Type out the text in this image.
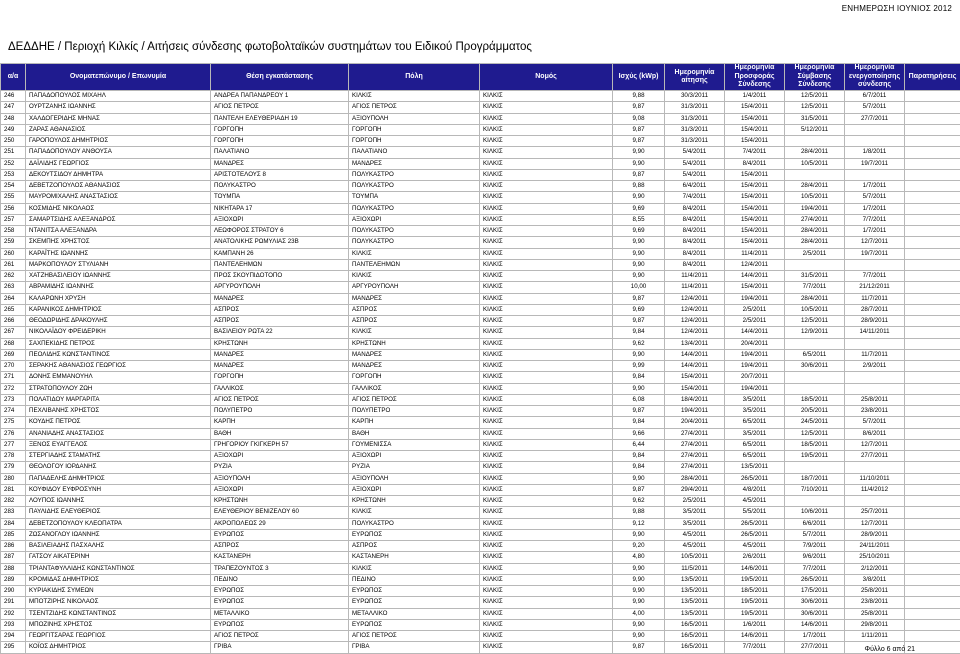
ΕΝΗΜΕΡΩΣΗ ΙΟΥΝΙΟΣ 2012
ΔΕΔΔΗΕ / Περιοχή Κιλκίς / Αιτήσεις σύνδεσης φωτοβολταϊκών συστημάτων του Ειδικού Προγράμματος
α/α	Ονοματεπώνυμο / Επωνυμία	Θέση εγκατάστασης	Πόλη	Νομός	Ισχύς (kWp)	Ημερομηνία αίτησης	Ημερομηνία Προσφοράς Σύνδεσης	Ημερομηνία Σύμβασης Σύνδεσης	Ημερομηνία ενεργοποίησης σύνδεσης	Παρατηρήσεις
246	ΠΑΠΑΔΟΠΟΥΛΟΣ ΜΙΧΑΗΛ	ΑΝΔΡΕΑ ΠΑΠΑΝΔΡΕΟΥ 1	ΚΙΛΚΙΣ	ΚΙΛΚΙΣ	9,88	30/3/2011	1/4/2011	12/5/2011	6/7/2011	
247	ΟΥΡΤΖΑΝΗΣ ΙΩΑΝΝΗΣ	ΑΓΙΟΣ ΠΕΤΡΟΣ	ΑΓΙΟΣ ΠΕΤΡΟΣ	ΚΙΛΚΙΣ	9,87	31/3/2011	15/4/2011	12/5/2011	5/7/2011	
248	ΧΑΛΔΟΓΕΡΙΔΗΣ ΜΗΝΑΣ	ΠΑΝΤΕΛΗ ΕΛΕΥΘΕΡΙΑΔΗ 19	ΑΞΙΟΥΠΟΛΗ	ΚΙΛΚΙΣ	9,08	31/3/2011	15/4/2011	31/5/2011	27/7/2011	
249	ΖΑΡΑΣ ΑΘΑΝΑΣΙΟΣ	ΓΟΡΓΟΠΗ	ΓΟΡΓΟΠΗ	ΚΙΛΚΙΣ	9,87	31/3/2011	15/4/2011	5/12/2011		
250	ΓΑΡΟΠΟΥΛΟΣ ΔΗΜΗΤΡΙΟΣ	ΓΟΡΓΟΠΗ	ΓΟΡΓΟΠΗ	ΚΙΛΚΙΣ	9,87	31/3/2011	15/4/2011			
251	ΠΑΠΑΔΟΠΟΥΛΟΥ ΑΝΘΟΥΣΑ	ΠΑΛΑΤΙΑΝΟ	ΠΑΛΑΤΙΑΝΟ	ΚΙΛΚΙΣ	9,90	5/4/2011	7/4/2011	28/4/2011	1/8/2011	
252	ΔΑΪΛΙΔΗΣ ΓΕΩΡΓΙΟΣ	ΜΑΝΔΡΕΣ	ΜΑΝΔΡΕΣ	ΚΙΛΚΙΣ	9,90	5/4/2011	8/4/2011	10/5/2011	19/7/2011	
253	ΔΕΚΟΥΤΣΙΔΟΥ ΔΗΜΗΤΡΑ	ΑΡΙΣΤΟΤΕΛΟΥΣ 8	ΠΟΛΥΚΑΣΤΡΟ	ΚΙΛΚΙΣ	9,87	5/4/2011	15/4/2011			
254	ΔΕΒΕΤΖΟΠΟΥΛΟΣ ΑΘΑΝΑΣΙΟΣ	ΠΟΛΥΚΑΣΤΡΟ	ΠΟΛΥΚΑΣΤΡΟ	ΚΙΛΚΙΣ	9,88	6/4/2011	15/4/2011	28/4/2011	1/7/2011	
255	ΜΑΥΡΟΜΙΧΑΛΗΣ ΑΝΑΣΤΑΣΙΟΣ	ΤΟΥΜΠΑ	ΤΟΥΜΠΑ	ΚΙΛΚΙΣ	9,90	7/4/2011	15/4/2011	10/5/2011	5/7/2011	
256	ΚΟΣΜΙΔΗΣ ΝΙΚΟΛΑΟΣ	ΝΙΚΗΤΑΡΑ 17	ΠΟΛΥΚΑΣΤΡΟ	ΚΙΛΚΙΣ	9,69	8/4/2011	15/4/2011	19/4/2011	1/7/2011	
257	ΣΑΜΑΡΤΣΙΔΗΣ ΑΛΕΞΑΝΔΡΟΣ	ΑΞΙΟΧΩΡΙ	ΑΞΙΟΧΩΡΙ	ΚΙΛΚΙΣ	8,55	8/4/2011	15/4/2011	27/4/2011	7/7/2011	
258	ΝΤΑΝΙΤΣΑ ΑΛΕΞΑΝΔΡΑ	ΛΕΩΦΟΡΟΣ ΣΤΡΑΤΟΥ 6	ΠΟΛΥΚΑΣΤΡΟ	ΚΙΛΚΙΣ	9,69	8/4/2011	15/4/2011	28/4/2011	1/7/2011	
259	ΣΚΕΜΠΗΣ ΧΡΗΣΤΟΣ	ΑΝΑΤΟΛΙΚΗΣ ΡΩΜΥΛΙΑΣ 23Β	ΠΟΛΥΚΑΣΤΡΟ	ΚΙΛΚΙΣ	9,90	8/4/2011	15/4/2011	28/4/2011	12/7/2011	
260	ΚΑΡΑΪΤΗΣ ΙΩΑΝΝΗΣ	ΚΑΜΠΑΝΗ 26	ΚΙΛΚΙΣ	ΚΙΛΚΙΣ	9,90	8/4/2011	11/4/2011	2/5/2011	19/7/2011	
261	ΜΑΡΚΟΠΟΥΛΟΥ ΣΤΥΛΙΑΝΗ	ΠΑΝΤΕΛΕΗΜΩΝ	ΠΑΝΤΕΛΕΗΜΩΝ	ΚΙΛΚΙΣ	9,90	8/4/2011	12/4/2011			
262	ΧΑΤΖΗΒΑΣΙΛΕΙΟΥ ΙΩΑΝΝΗΣ	ΠΡΟΣ ΣΚΟΥΠΙΔΟΤΟΠΟ	ΚΙΛΚΙΣ	ΚΙΛΚΙΣ	9,90	11/4/2011	14/4/2011	31/5/2011	7/7/2011	
263	ΑΒΡΑΜΙΔΗΣ ΙΩΑΝΝΗΣ	ΑΡΓΥΡΟΥΠΟΛΗ	ΑΡΓΥΡΟΥΠΟΛΗ	ΚΙΛΚΙΣ	10,00	11/4/2011	15/4/2011	7/7/2011	21/12/2011	
264	ΚΑΛΑΡΩΝΗ ΧΡΥΣΗ	ΜΑΝΔΡΕΣ	ΜΑΝΔΡΕΣ	ΚΙΛΚΙΣ	9,87	12/4/2011	19/4/2011	28/4/2011	11/7/2011	
265	ΚΑΡΑΝΙΚΟΣ ΔΗΜΗΤΡΙΟΣ	ΑΣΠΡΟΣ	ΑΣΠΡΟΣ	ΚΙΛΚΙΣ	9,69	12/4/2011	2/5/2011	10/5/2011	28/7/2011	
266	ΘΕΟΔΩΡΙΔΗΣ ΔΡΑΚΟΥΛΗΣ	ΑΣΠΡΟΣ	ΑΣΠΡΟΣ	ΚΙΛΚΙΣ	9,87	12/4/2011	2/5/2011	12/5/2011	28/9/2011	
267	ΝΙΚΟΛΑΪΔΟΥ ΦΡΕΙΔΕΡΙΚΗ	ΒΑΣΙΛΕΙΟΥ ΡΩΤΑ 22	ΚΙΛΚΙΣ	ΚΙΛΚΙΣ	9,84	12/4/2011	14/4/2011	12/9/2011	14/11/2011	
268	ΣΑΧΠΕΚΙΔΗΣ ΠΕΤΡΟΣ	ΚΡΗΣΤΩΝΗ	ΚΡΗΣΤΩΝΗ	ΚΙΛΚΙΣ	9,62	13/4/2011	20/4/2011			
269	ΠΕΟΛΙΔΗΣ ΚΩΝΣΤΑΝΤΙΝΟΣ	ΜΑΝΔΡΕΣ	ΜΑΝΔΡΕΣ	ΚΙΛΚΙΣ	9,90	14/4/2011	19/4/2011	6/5/2011	11/7/2011	
270	ΣΕΡΑΚΗΣ ΑΘΑΝΑΣΙΟΣ ΓΕΩΡΓΙΟΣ	ΜΑΝΔΡΕΣ	ΜΑΝΔΡΕΣ	ΚΙΛΚΙΣ	9,99	14/4/2011	19/4/2011	30/6/2011	2/9/2011	
271	ΔΟΝΗΣ ΕΜΜΑΝΟΥΗΛ	ΓΟΡΓΟΠΗ	ΓΟΡΓΟΠΗ	ΚΙΛΚΙΣ	9,84	15/4/2011	20/7/2011			
272	ΣΤΡΑΤΟΠΟΥΛΟΥ ΖΩΗ	ΓΑΛΛΙΚΟΣ	ΓΑΛΛΙΚΟΣ	ΚΙΛΚΙΣ	9,90	15/4/2011	19/4/2011			
273	ΠΟΛΑΤΙΔΟΥ ΜΑΡΓΑΡΙΤΑ	ΑΓΙΟΣ ΠΕΤΡΟΣ	ΑΓΙΟΣ ΠΕΤΡΟΣ	ΚΙΛΚΙΣ	6,08	18/4/2011	3/5/2011	18/5/2011	25/8/2011	
274	ΠΕΧΛΙΒΑΝΗΣ ΧΡΗΣΤΟΣ	ΠΟΛΥΠΕΤΡΟ	ΠΟΛΥΠΕΤΡΟ	ΚΙΛΚΙΣ	9,87	19/4/2011	3/5/2011	20/5/2011	23/8/2011	
275	ΚΟΥΔΗΣ ΠΕΤΡΟΣ	ΚΑΡΠΗ	ΚΑΡΠΗ	ΚΙΛΚΙΣ	9,84	20/4/2011	6/5/2011	24/5/2011	5/7/2011	
276	ΑΝΑΝΙΑΔΗΣ ΑΝΑΣΤΑΣΙΟΣ	ΒΑΘΗ	ΒΑΘΗ	ΚΙΛΚΙΣ	9,66	27/4/2011	3/5/2011	12/5/2011	8/6/2011	
277	ΞΕΝΟΣ ΕΥΑΓΓΕΛΟΣ	ΓΡΗΓΟΡΙΟΥ ΓΚΙΓΚΕΡΗ 57	ΓΟΥΜΕΝΙΣΣΑ	ΚΙΛΚΙΣ	6,44	27/4/2011	6/5/2011	18/5/2011	12/7/2011	
278	ΣΤΕΡΓΙΑΔΗΣ ΣΤΑΜΑΤΗΣ	ΑΞΙΟΧΩΡΙ	ΑΞΙΟΧΩΡΙ	ΚΙΛΚΙΣ	9,84	27/4/2011	6/5/2011	19/5/2011	27/7/2011	
279	ΘΕΟΛΟΓΟΥ ΙΟΡΔΑΝΗΣ	ΡΥΖΙΑ	ΡΥΖΙΑ	ΚΙΛΚΙΣ	9,84	27/4/2011	13/5/2011			
280	ΠΑΠΑΔΕΛΗΣ ΔΗΜΗΤΡΙΟΣ	ΑΞΙΟΥΠΟΛΗ	ΑΞΙΟΥΠΟΛΗ	ΚΙΛΚΙΣ	9,90	28/4/2011	26/5/2011	18/7/2011	11/10/2011	
281	ΚΟΥΦΙΔΟΥ ΕΥΦΡΟΣΥΝΗ	ΑΞΙΟΧΩΡΙ	ΑΞΙΟΧΩΡΙ	ΚΙΛΚΙΣ	9,87	29/4/2011	4/8/2011	7/10/2011	11/4/2012	
282	ΛΟΥΠΟΣ ΙΩΑΝΝΗΣ	ΚΡΗΣΤΩΝΗ	ΚΡΗΣΤΩΝΗ	ΚΙΛΚΙΣ	9,62	2/5/2011	4/5/2011			
283	ΠΑΥΛΙΔΗΣ ΕΛΕΥΘΕΡΙΟΣ	ΕΛΕΥΘΕΡΙΟΥ ΒΕΝΙΖΕΛΟΥ 60	ΚΙΛΚΙΣ	ΚΙΛΚΙΣ	9,88	3/5/2011	5/5/2011	10/6/2011	25/7/2011	
284	ΔΕΒΕΤΖΟΠΟΥΛΟΥ ΚΛΕΟΠΑΤΡΑ	ΑΚΡΟΠΟΛΕΩΣ 29	ΠΟΛΥΚΑΣΤΡΟ	ΚΙΛΚΙΣ	9,12	3/5/2011	26/5/2011	6/6/2011	12/7/2011	
285	ΖΩΣΑΝΟΓΛΟΥ ΙΩΑΝΝΗΣ	ΕΥΡΩΠΟΣ	ΕΥΡΩΠΟΣ	ΚΙΛΚΙΣ	9,90	4/5/2011	26/5/2011	5/7/2011	28/9/2011	
286	ΒΑΣΙΛΕΙΑΔΗΣ ΠΑΣΧΑΛΗΣ	ΑΣΠΡΟΣ	ΑΣΠΡΟΣ	ΚΙΛΚΙΣ	9,20	4/5/2011	4/5/2011	7/9/2011	24/11/2011	
287	ΓΑΤΣΟΥ ΑΙΚΑΤΕΡΙΝΗ	ΚΑΣΤΑΝΕΡΗ	ΚΑΣΤΑΝΕΡΗ	ΚΙΛΚΙΣ	4,80	10/5/2011	2/6/2011	9/6/2011	25/10/2011	
288	ΤΡΙΑΝΤΑΦΥΛΛΙΔΗΣ ΚΩΝΣΤΑΝΤΙΝΟΣ	ΤΡΑΠΕΖΟΥΝΤΟΣ 3	ΚΙΛΚΙΣ	ΚΙΛΚΙΣ	9,90	11/5/2011	14/6/2011	7/7/2011	2/12/2011	
289	ΚΡΟΜΙΔΑΣ ΔΗΜΗΤΡΙΟΣ	ΠΕΔΙΝΟ	ΠΕΔΙΝΟ	ΚΙΛΚΙΣ	9,90	13/5/2011	19/5/2011	26/5/2011	3/8/2011	
290	ΚΥΡΙΑΚΙΔΗΣ ΣΥΜΕΩΝ	ΕΥΡΩΠΟΣ	ΕΥΡΩΠΟΣ	ΚΙΛΚΙΣ	9,90	13/5/2011	18/5/2011	17/5/2011	25/8/2011	
291	ΜΠΟΤΖΙΡΗΣ ΝΙΚΟΛΑΟΣ	ΕΥΡΩΠΟΣ	ΕΥΡΩΠΟΣ	ΚΙΛΚΙΣ	9,90	13/5/2011	19/5/2011	30/6/2011	23/8/2011	
292	ΤΣΕΝΤΖΙΔΗΣ ΚΩΝΣΤΑΝΤΙΝΟΣ	ΜΕΤΑΛΛΙΚΟ	ΜΕΤΑΛΛΙΚΟ	ΚΙΛΚΙΣ	4,00	13/5/2011	19/5/2011	30/6/2011	25/8/2011	
293	ΜΠΟΖΙΝΗΣ ΧΡΗΣΤΟΣ	ΕΥΡΩΠΟΣ	ΕΥΡΩΠΟΣ	ΚΙΛΚΙΣ	9,90	16/5/2011	1/6/2011	14/6/2011	29/8/2011	
294	ΓΕΩΡΓΙΤΣΑΡΑΣ ΓΕΩΡΓΙΟΣ	ΑΓΙΟΣ ΠΕΤΡΟΣ	ΑΓΙΟΣ ΠΕΤΡΟΣ	ΚΙΛΚΙΣ	9,90	16/5/2011	14/6/2011	1/7/2011	1/11/2011	
295	ΚΟΪΟΣ ΔΗΜΗΤΡΙΟΣ	ΓΡΙΒΑ	ΓΡΙΒΑ	ΚΙΛΚΙΣ	9,87	16/5/2011	7/7/2011	27/7/2011			Φύλλο 6 από 21
